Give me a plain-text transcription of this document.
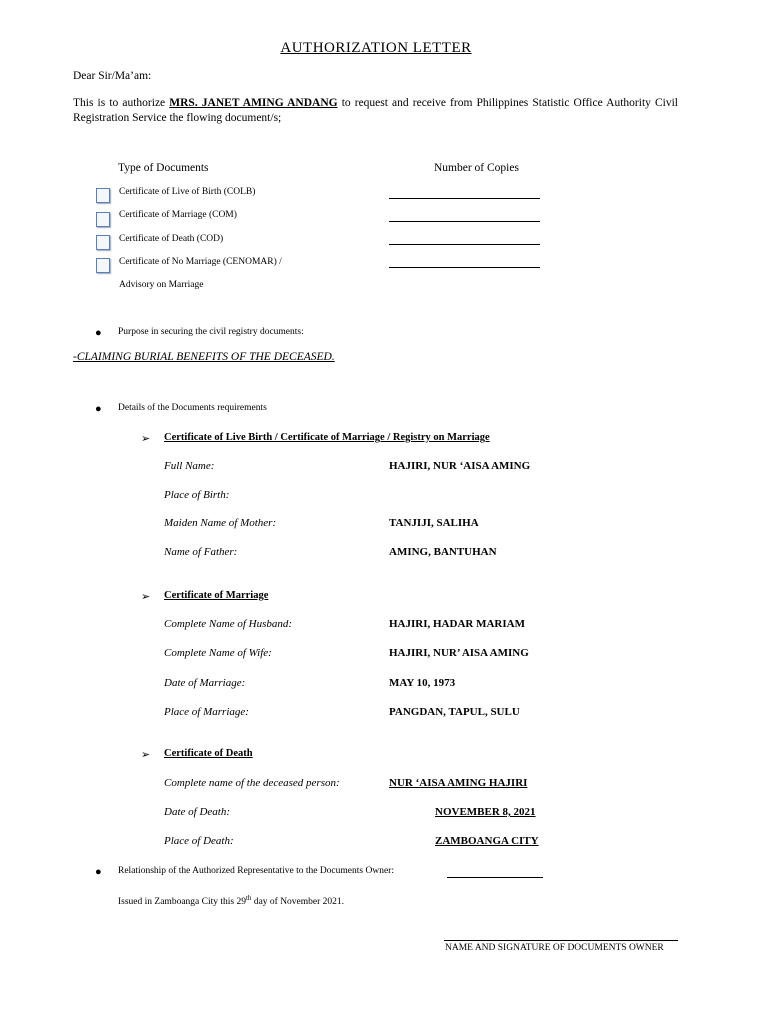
AUTHORIZATION LETTER
Dear Sir/Ma’am:
This is to authorize MRS. JANET AMING ANDANG to request and receive from Philippines Statistic Office Authority Civil Registration Service the flowing document/s;
Type of Documents	Number of Copies
Certificate of Live of Birth (COLB)
Certificate of Marriage (COM)
Certificate of Death (COD)
Certificate of No Marriage (CENOMAR) /
Advisory on Marriage
● Purpose in securing the civil registry documents:
-CLAIMING BURIAL BENEFITS OF THE DECEASED.
● Details of the Documents requirements
➢ Certificate of Live Birth / Certificate of Marriage / Registry on Marriage
Full Name:	HAJIRI, NUR ‘AISA AMING
Place of Birth:
Maiden Name of Mother:	TANJIJI, SALIHA
Name of Father:	AMING, BANTUHAN
➢ Certificate of Marriage
Complete Name of Husband:	HAJIRI, HADAR MARIAM
Complete Name of Wife:	HAJIRI, NUR’ AISA AMING
Date of Marriage:	MAY 10, 1973
Place of Marriage:	PANGDAN, TAPUL, SULU
➢ Certificate of Death
Complete name of the deceased person:	NUR ‘AISA AMING HAJIRI
Date of Death:	NOVEMBER 8, 2021
Place of Death:	ZAMBOANGA CITY
● Relationship of the Authorized Representative to the Documents Owner:
Issued in Zamboanga City this 29th day of November 2021.
NAME AND SIGNATURE OF DOCUMENTS OWNER
